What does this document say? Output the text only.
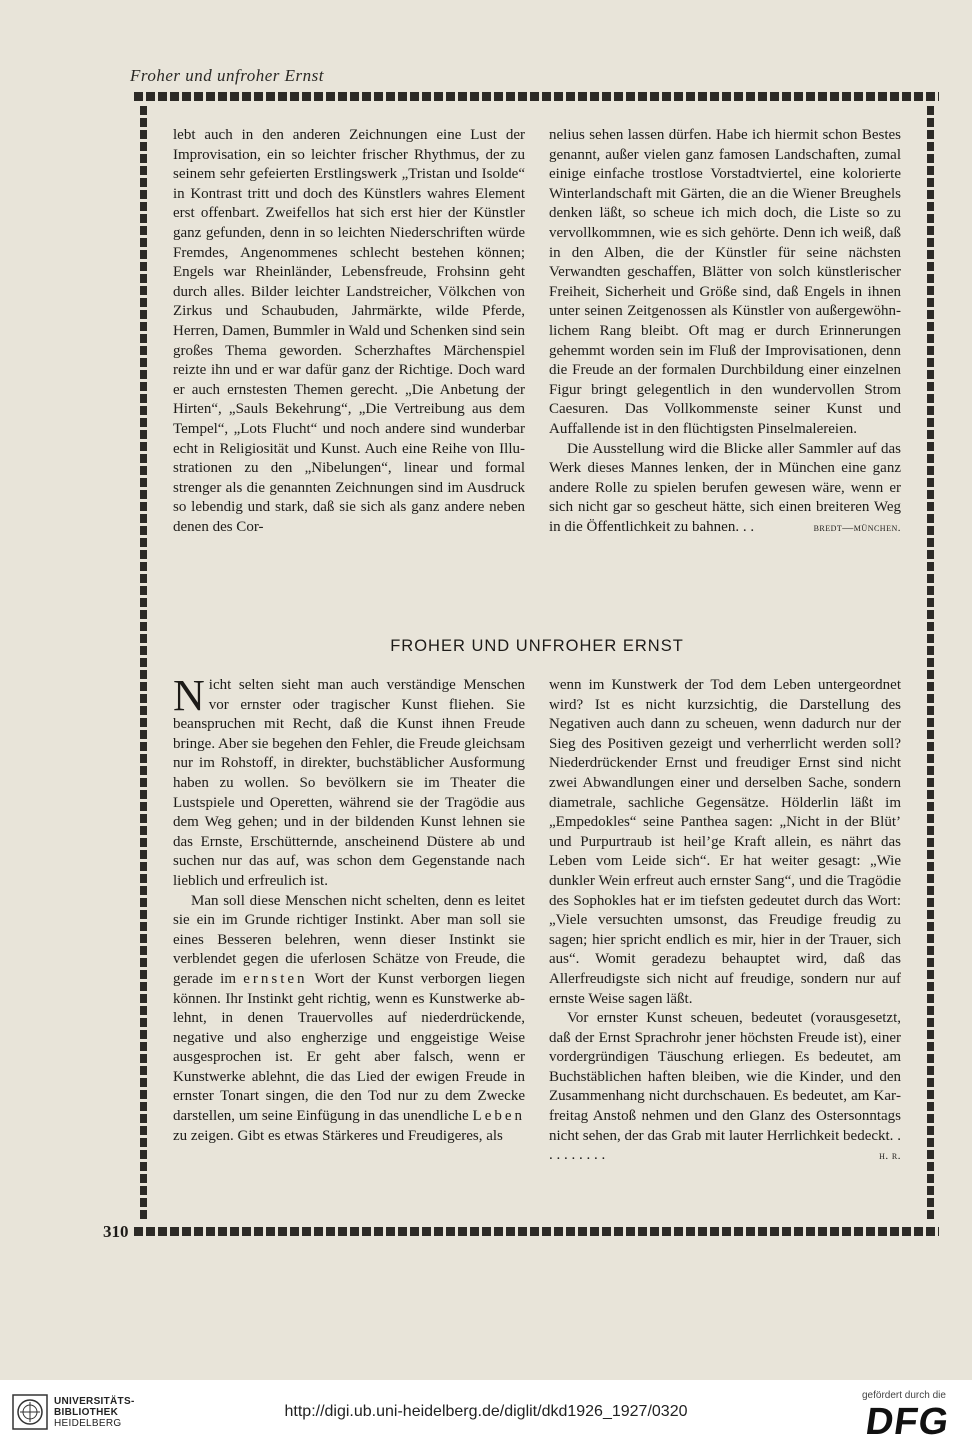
Froher und unfroher Ernst
310

lebt auch in den anderen Zeichnungen eine Lust der Improvisation, ein so leichter frischer Rhythmus, der zu seinem sehr gefeierten Erstlingswerk „Tristan und Isolde“ in Kontrast tritt und doch des Künstlers wahres Element erst offenbart. Zweifellos hat sich erst hier der Künstler ganz gefunden, denn in so leichten Niederschriften würde Fremdes, Angenommenes schlecht bestehen können; Engels war Rheinländer, Lebensfreude, Frohsinn geht durch alles. Bilder leichter Landstreicher, Völkchen von Zirkus und Schaubuden, Jahrmärkte, wilde Pferde, Herren, Damen, Bummler in Wald und Schenken sind sein großes Thema geworden. Scherzhaftes Märchenspiel reizte ihn und er war dafür ganz der Richtige. Doch ward er auch ernstesten Themen gerecht. „Die Anbetung der Hirten“, „Sauls Bekehrung“, „Die Vertreibung aus dem Tempel“, „Lots Flucht“ und noch andere sind wunderbar echt in Religiosität und Kunst. Auch eine Reihe von Illustrationen zu den „Nibelungen“, linear und formal strenger als die genannten Zeichnungen sind im Ausdruck so lebendig und stark, daß sie sich als ganz andere neben denen des Cor-

nelius sehen lassen dürfen. Habe ich hiermit schon Bestes genannt, außer vielen ganz famosen Landschaften, zumal einige einfache trostlose Vorstadtviertel, eine kolorierte Winterlandschaft mit Gärten, die an die Wiener Breughels denken läßt, so scheue ich mich doch, die Liste so zu vervollkommnen, wie es sich gehörte. Denn ich weiß, daß in den Alben, die der Künstler für seine nächsten Verwandten geschaffen, Blätter von solch künstlerischer Freiheit, Sicherheit und Größe sind, daß Engels in ihnen unter seinen Zeitgenossen als Künstler von außergewöhnlichem Rang bleibt. Oft mag er durch Erinnerungen gehemmt worden sein im Fluß der Improvisationen, denn die Freude an der formalen Durchbildung einer einzelnen Figur bringt gelegentlich in den wundervollen Strom Caesuren. Das Vollkommenste seiner Kunst und Auffallende ist in den flüchtigsten Pinselmalereien.

Die Ausstellung wird die Blicke aller Sammler auf das Werk dieses Mannes lenken, der in München eine ganz andere Rolle zu spielen berufen gewesen wäre, wenn er sich nicht gar so gescheut hätte, sich einen breiteren Weg in die Öffentlichkeit zu bahnen. . .	bredt—münchen.

FROHER UND UNFROHER ERNST

Nicht selten sieht man auch verständige Menschen vor ernster oder tragischer Kunst fliehen. Sie beanspruchen mit Recht, daß die Kunst ihnen Freude bringe. Aber sie begehen den Fehler, die Freude gleichsam nur im Rohstoff, in direkter, buchstäblicher Ausformung haben zu wollen. So bevölkern sie im Theater die Lustspiele und Operetten, während sie der Tragödie aus dem Weg gehen; und in der bildenden Kunst lehnen sie das Ernste, Erschütternde, anscheinend Düstere ab und suchen nur das auf, was schon dem Gegenstande nach lieblich und erfreulich ist.

Man soll diese Menschen nicht schelten, denn es leitet sie ein im Grunde richtiger Instinkt. Aber man soll sie eines Besseren belehren, wenn dieser Instinkt sie verblendet gegen die uferlosen Schätze von Freude, die gerade im ernsten Wort der Kunst verborgen liegen können. Ihr Instinkt geht richtig, wenn es Kunstwerke ablehnt, in denen Trauervolles auf niederdrückende, negative und also engherzige und enggeistige Weise ausgesprochen ist. Er geht aber falsch, wenn er Kunstwerke ablehnt, die das Lied der ewigen Freude in ernster Tonart singen, die den Tod nur zu dem Zwecke darstellen, um seine Einfügung in das unendliche Leben zu zeigen. Gibt es etwas Stärkeres und Freudigeres, als

wenn im Kunstwerk der Tod dem Leben untergeordnet wird? Ist es nicht kurzsichtig, die Darstellung des Negativen auch dann zu scheuen, wenn dadurch nur der Sieg des Positiven gezeigt und verherrlicht werden soll? Niederdrückender Ernst und freudiger Ernst sind nicht zwei Abwandlungen einer und derselben Sache, sondern diametrale, sachliche Gegensätze. Hölderlin läßt im „Empedokles“ seine Panthea sagen: „Nicht in der Blüt’ und Purpurtraub ist heil’ge Kraft allein, es nährt das Leben vom Leide sich“. Er hat weiter gesagt: „Wie dunkler Wein erfreut auch ernster Sang“, und die Tragödie des Sophokles hat er im tiefsten gedeutet durch das Wort: „Viele versuchten umsonst, das Freudige freudig zu sagen; hier spricht endlich es mir, hier in der Trauer, sich aus“. Womit geradezu behauptet wird, daß das Allerfreudigste sich nicht auf freudige, sondern nur auf ernste Weise sagen läßt.

Vor ernster Kunst scheuen, bedeutet (vorausgesetzt, daß der Ernst Sprachrohr jener höchsten Freude ist), einer vordergründigen Täuschung erliegen. Es bedeutet, am Buchstäblichen haften bleiben, wie die Kinder, und den Zusammenhang nicht durchschauen. Es bedeutet, am Karfreitag Anstoß nehmen und den Glanz des Ostersonntags nicht sehen, der das Grab mit lauter Herrlichkeit bedeckt. . . . . . . . . .	h. r.

UNIVERSITÄTS-
BIBLIOTHEK
HEIDELBERG
http://digi.ub.uni-heidelberg.de/diglit/dkd1926_1927/0320
gefördert durch die
DFG
